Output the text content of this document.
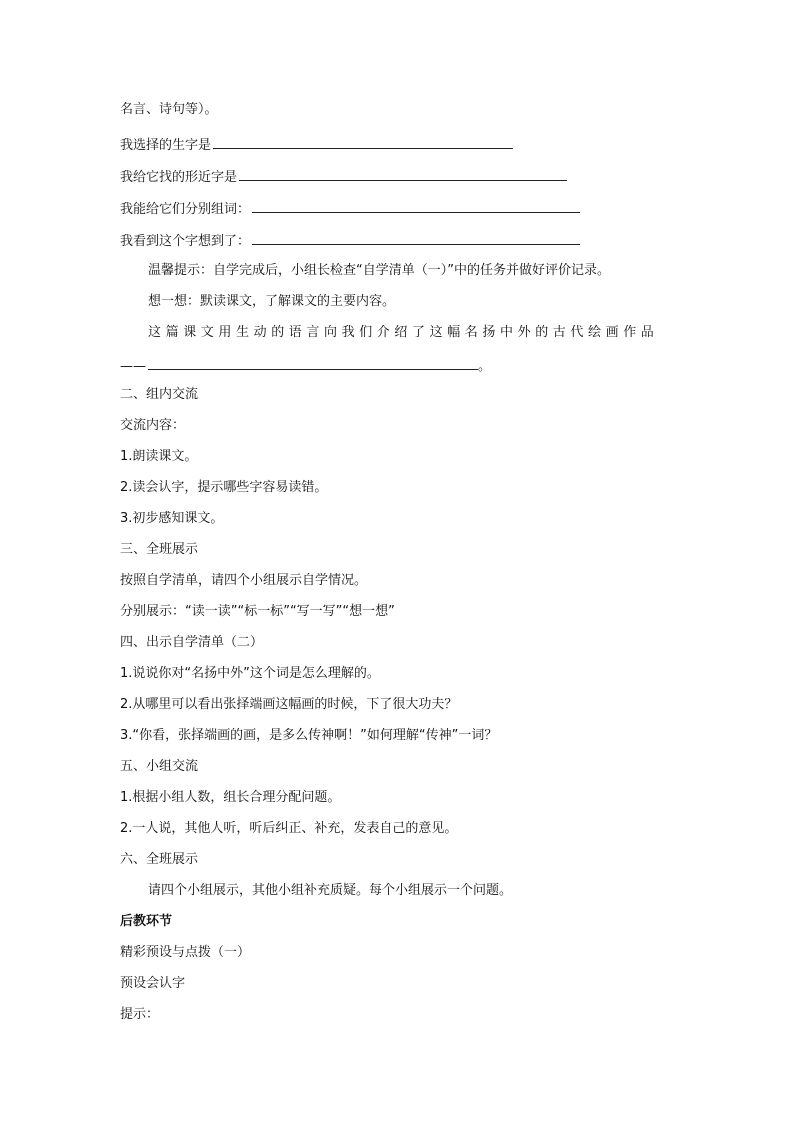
名言、诗句等）。
我选择的生字是
我给它找的形近字是
我能给它们分别组词：
我看到这个字想到了：
温馨提示：自学完成后，小组长检查“自学清单（一）”中的任务并做好评价记录。
想一想：默读课文，了解课文的主要内容。
这篇课文用生动的语言向我们介绍了这幅名扬中外的古代绘画作品
——	。
二、组内交流
交流内容：
1.朗读课文。
2.读会认字，提示哪些字容易读错。
3.初步感知课文。
三、全班展示
按照自学清单，请四个小组展示自学情况。
分别展示：“读一读”“标一标”“写一写”“想一想”
四、出示自学清单（二）
1.说说你对“名扬中外”这个词是怎么理解的。
2.从哪里可以看出张择端画这幅画的时候，下了很大功夫？
3.“你看，张择端画的画，是多么传神啊！”如何理解“传神”一词？
五、小组交流
1.根据小组人数，组长合理分配问题。
2.一人说，其他人听，听后纠正、补充，发表自己的意见。
六、全班展示
请四个小组展示，其他小组补充质疑。每个小组展示一个问题。
后教环节
精彩预设与点拨（一）
预设会认字
提示：
